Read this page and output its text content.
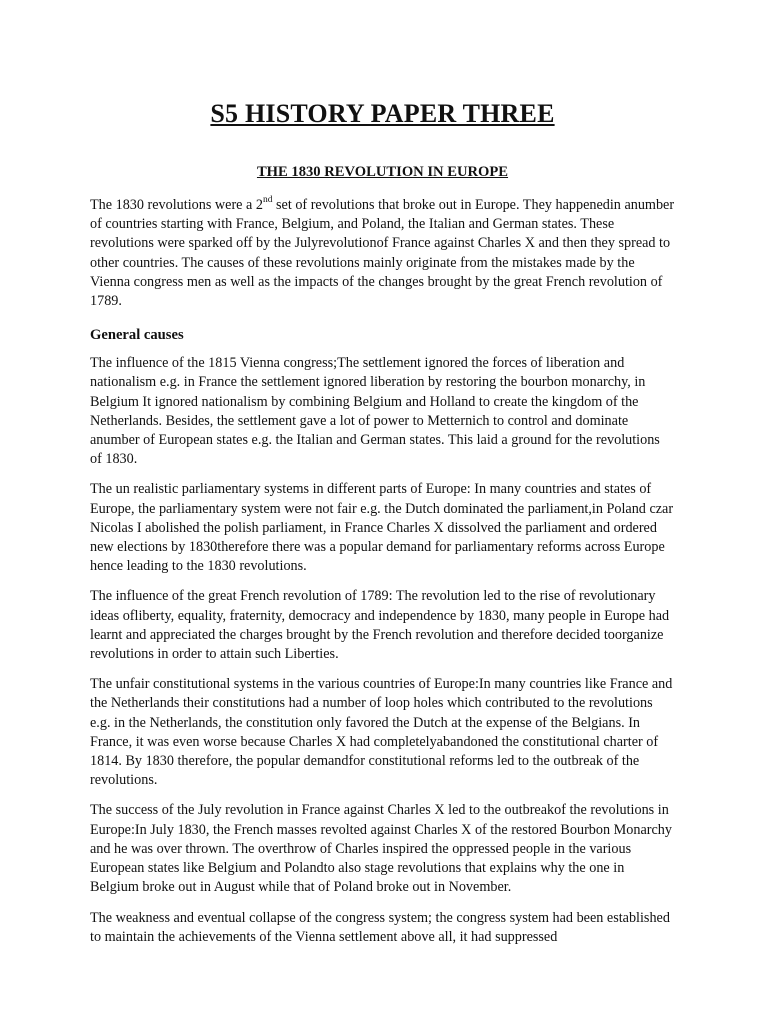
S5 HISTORY PAPER THREE
THE 1830 REVOLUTION IN EUROPE

The 1830 revolutions were a 2nd set of revolutions that broke out in Europe. They happenedin anumber of countries starting with France, Belgium, and Poland, the Italian and German states. These revolutions were sparked off by the Julyrevolutionof France against Charles X and then they spread to other countries. The causes of these revolutions mainly originate from the mistakes made by the Vienna congress men as well as the impacts of the changes brought by the great French revolution of 1789.

General causes

The influence of the 1815 Vienna congress;The settlement ignored the forces of liberation and nationalism e.g. in France the settlement ignored liberation by restoring the bourbon monarchy, in Belgium It ignored nationalism by combining Belgium and Holland to create the kingdom of the Netherlands. Besides, the settlement gave a lot of power to Metternich to control and dominate anumber of European states e.g. the Italian and German states. This laid a ground for the revolutions of 1830.

The un realistic parliamentary systems in different parts of Europe: In many countries and states of Europe, the parliamentary system were not fair e.g. the Dutch dominated the parliament,in Poland czar Nicolas I abolished the polish parliament, in France Charles X dissolved the parliament and ordered new elections by 1830therefore there was a popular demand for parliamentary reforms across Europe hence leading to the 1830 revolutions.

The influence of the great French revolution of 1789: The revolution led to the rise of revolutionary ideas ofliberty, equality, fraternity, democracy and independence by 1830, many people in Europe had learnt and appreciated the charges brought by the French revolution and therefore decided toorganize revolutions in order to attain such Liberties.

The unfair constitutional systems in the various countries of Europe:In many countries like France and the Netherlands their constitutions had a number of loop holes which contributed to the revolutions e.g. in the Netherlands, the constitution only favored the Dutch at the expense of the Belgians. In France, it was even worse because Charles X had completelyabandoned the constitutional charter of 1814. By 1830 therefore, the popular demandfor constitutional reforms led to the outbreak of the revolutions.

The success of the July revolution in France against Charles X led to the outbreakof the revolutions in Europe:In July 1830, the French masses revolted against Charles X of the restored Bourbon Monarchy and he was over thrown. The overthrow of Charles inspired the oppressed people in the various European states like Belgium and Polandto also stage revolutions that explains why the one in Belgium broke out in August while that of Poland broke out in November.

The weakness and eventual collapse of the congress system; the congress system had been established to maintain the achievements of the Vienna settlement above all, it had suppressed
